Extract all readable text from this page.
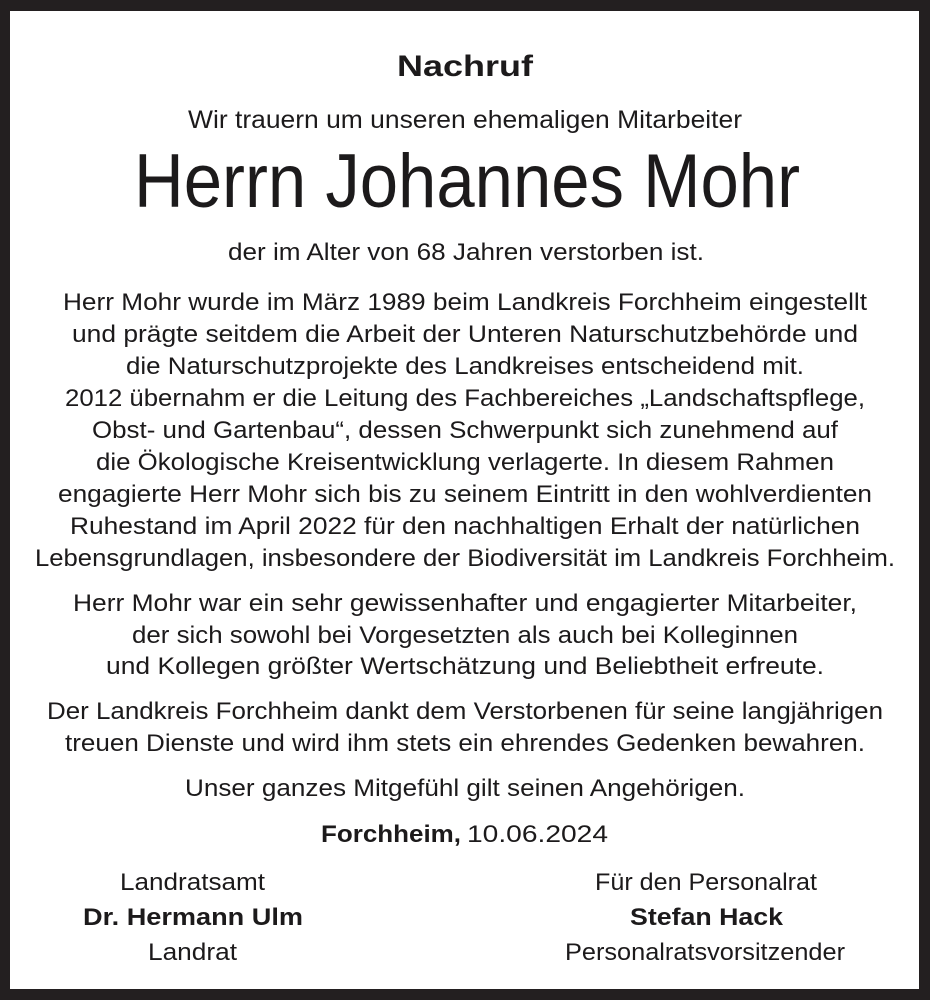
Nachruf
Wir trauern um unseren ehemaligen Mitarbeiter
Herrn Johannes Mohr
der im Alter von 68 Jahren verstorben ist.
Herr Mohr wurde im März 1989 beim Landkreis Forchheim eingestellt
und prägte seitdem die Arbeit der Unteren Naturschutzbehörde und
die Naturschutzprojekte des Landkreises entscheidend mit.
2012 übernahm er die Leitung des Fachbereiches „Landschaftspflege,
Obst- und Gartenbau“, dessen Schwerpunkt sich zunehmend auf
die Ökologische Kreisentwicklung verlagerte. In diesem Rahmen
engagierte Herr Mohr sich bis zu seinem Eintritt in den wohlverdienten
Ruhestand im April 2022 für den nachhaltigen Erhalt der natürlichen
Lebensgrundlagen, insbesondere der Biodiversität im Landkreis Forchheim.
Herr Mohr war ein sehr gewissenhafter und engagierter Mitarbeiter,
der sich sowohl bei Vorgesetzten als auch bei Kolleginnen
und Kollegen größter Wertschätzung und Beliebtheit erfreute.
Der Landkreis Forchheim dankt dem Verstorbenen für seine langjährigen
treuen Dienste und wird ihm stets ein ehrendes Gedenken bewahren.
Unser ganzes Mitgefühl gilt seinen Angehörigen.
Forchheim, 10.06.2024
Landratsamt
Dr. Hermann Ulm
Landrat
Für den Personalrat
Stefan Hack
Personalratsvorsitzender
